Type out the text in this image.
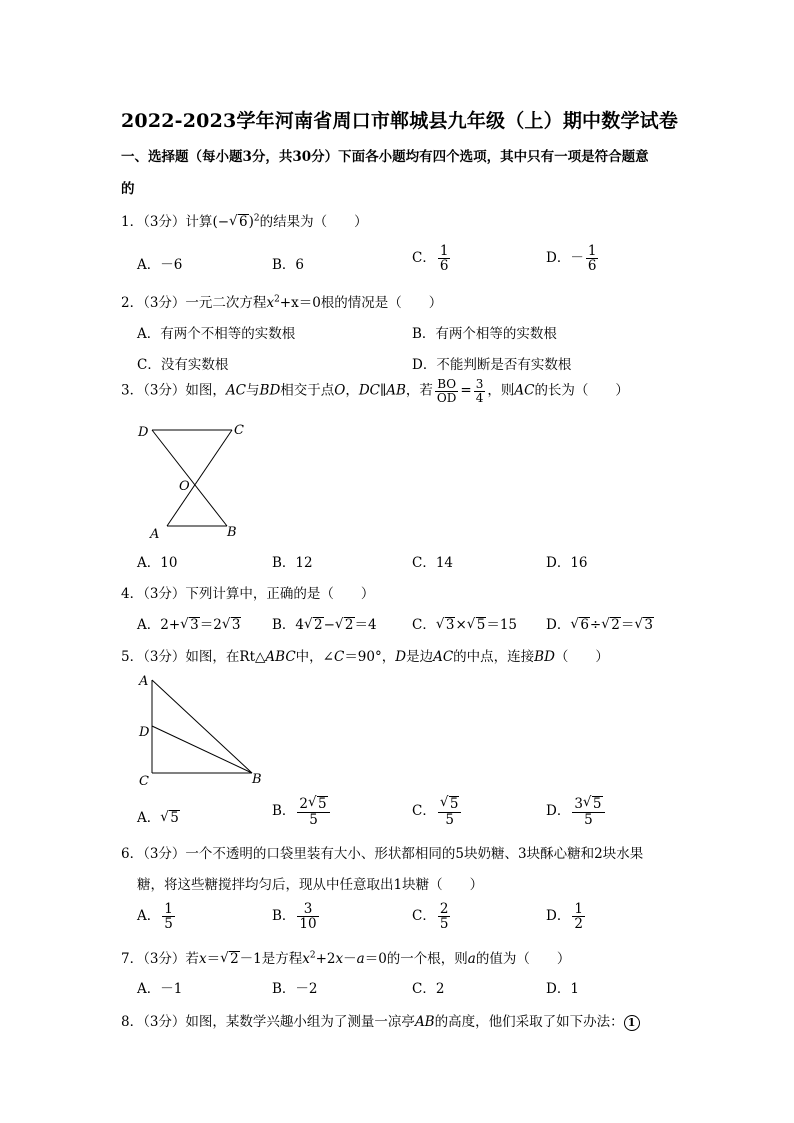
2022-2023学年河南省周口市郸城县九年级（上）期中数学试卷
一、选择题（每小题3分，共30分）下面各小题均有四个选项，其中只有一项是符合题意
的
1．（3分）计算(− √ 6)$^2$的结果为（　　）
A．－6	B．6	C． $\frac{1}{6}$	D．－ $\frac{1}{6}$
2．（3分）一元二次方程$x^2+x=0$根的情况是（　　）
A．有两个不相等的实数根	B．有两个相等的实数根
C．没有实数根	D．不能判断是否有实数根
3．（3分）如图，AC与BD相交于点O，DC∥AB，若 $\frac{BO}{OD} = \frac{3}{4}$ ，则AC的长为（　　）
D	C
O
A	B
A．10	B．12	C．14	D．16
4．（3分）下列计算中，正确的是（　　）
A．2+ √ 3＝2 √ 3 B．4 √ 2− √ 2＝4	C． √ 3× √ 5＝15 D． √ 6÷ √ 2＝ √ 3
5．（3分）如图，在Rt△ABC中，∠C＝90°，D是边AC的中点，连接BD（　　）
A
D
C	B
A． √ 5	B． $\frac{2 √ 5}{5}$	C． √ $\frac{5}{5}$	D． $\frac{3 √ 5}{5}$
6．（3分）一个不透明的口袋里装有大小、形状都相同的5块奶糖、3块酥心糖和2块水果
糖，将这些糖搅拌均匀后，现从中任意取出1块糖（　　）
A． $\frac{1}{5}$	B． $\frac{3}{10}$	C． $\frac{2}{5}$	D． $\frac{1}{2}$
7．（3分）若x＝ √ 2－1是方程$x^2+2x-a=0$的一个根，则a的值为（　　）
A．－1	B．－2	C．2	D．1
8．（3分）如图，某数学兴趣小组为了测量一凉亭AB的高度，他们采取了如下办法： 1
